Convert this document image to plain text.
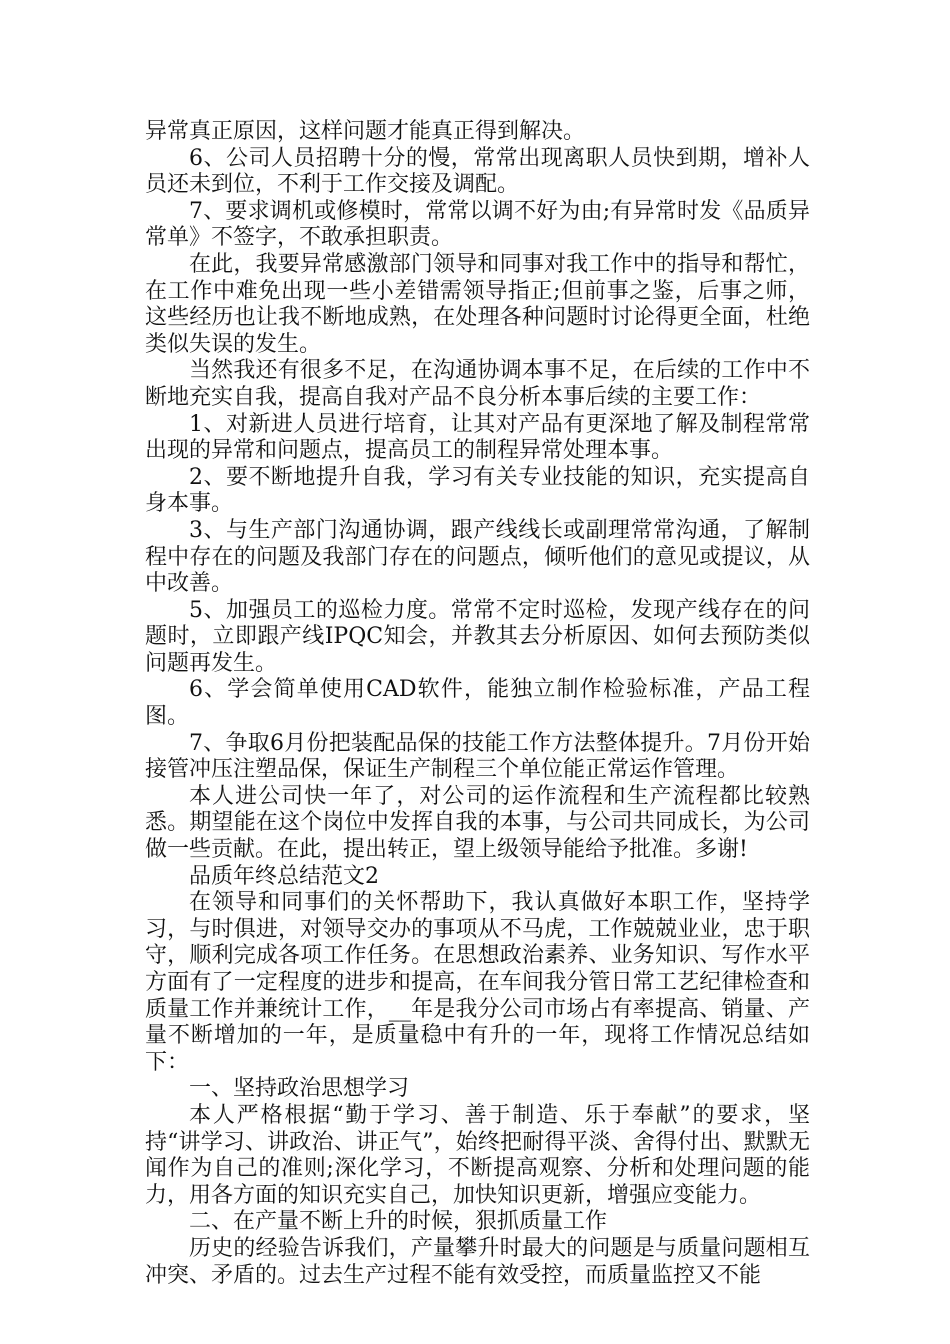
异常真正原因，这样问题才能真正得到解决。

6、公司人员招聘十分的慢，常常出现离职人员快到期，增补人员还未到位，不利于工作交接及调配。

7、要求调机或修模时，常常以调不好为由;有异常时发《品质异常单》不签字，不敢承担职责。

在此，我要异常感激部门领导和同事对我工作中的指导和帮忙，在工作中难免出现一些小差错需领导指正;但前事之鉴，后事之师，这些经历也让我不断地成熟，在处理各种问题时讨论得更全面，杜绝类似失误的发生。

当然我还有很多不足，在沟通协调本事不足，在后续的工作中不断地充实自我，提高自我对产品不良分析本事后续的主要工作：

1、对新进人员进行培育，让其对产品有更深地了解及制程常常出现的异常和问题点，提高员工的制程异常处理本事。

2、要不断地提升自我，学习有关专业技能的知识，充实提高自身本事。

3、与生产部门沟通协调，跟产线线长或副理常常沟通，了解制程中存在的问题及我部门存在的问题点，倾听他们的意见或提议，从中改善。

5、加强员工的巡检力度。常常不定时巡检，发现产线存在的问题时，立即跟产线IPQC知会，并教其去分析原因、如何去预防类似问题再发生。

6、学会简单使用CAD软件，能独立制作检验标准，产品工程图。

7、争取6月份把装配品保的技能工作方法整体提升。7月份开始接管冲压注塑品保，保证生产制程三个单位能正常运作管理。

本人进公司快一年了，对公司的运作流程和生产流程都比较熟悉。期望能在这个岗位中发挥自我的本事，与公司共同成长，为公司做一些贡献。在此，提出转正，望上级领导能给予批准。多谢!

品质年终总结范文2

在领导和同事们的关怀帮助下，我认真做好本职工作，坚持学习，与时俱进，对领导交办的事项从不马虎，工作兢兢业业，忠于职守，顺利完成各项工作任务。在思想政治素养、业务知识、写作水平方面有了一定程度的进步和提高，在车间我分管日常工艺纪律检查和质量工作并兼统计工作，__年是我分公司市场占有率提高、销量、产量不断增加的一年，是质量稳中有升的一年，现将工作情况总结如下：

一、坚持政治思想学习

本人严格根据“勤于学习、善于制造、乐于奉献”的要求，坚持“讲学习、讲政治、讲正气”，始终把耐得平淡、舍得付出、默默无闻作为自己的准则;深化学习，不断提高观察、分析和处理问题的能力，用各方面的知识充实自己，加快知识更新，增强应变能力。

二、在产量不断上升的时候，狠抓质量工作

历史的经验告诉我们，产量攀升时最大的问题是与质量问题相互冲突、矛盾的。过去生产过程不能有效受控，而质量监控又不能
